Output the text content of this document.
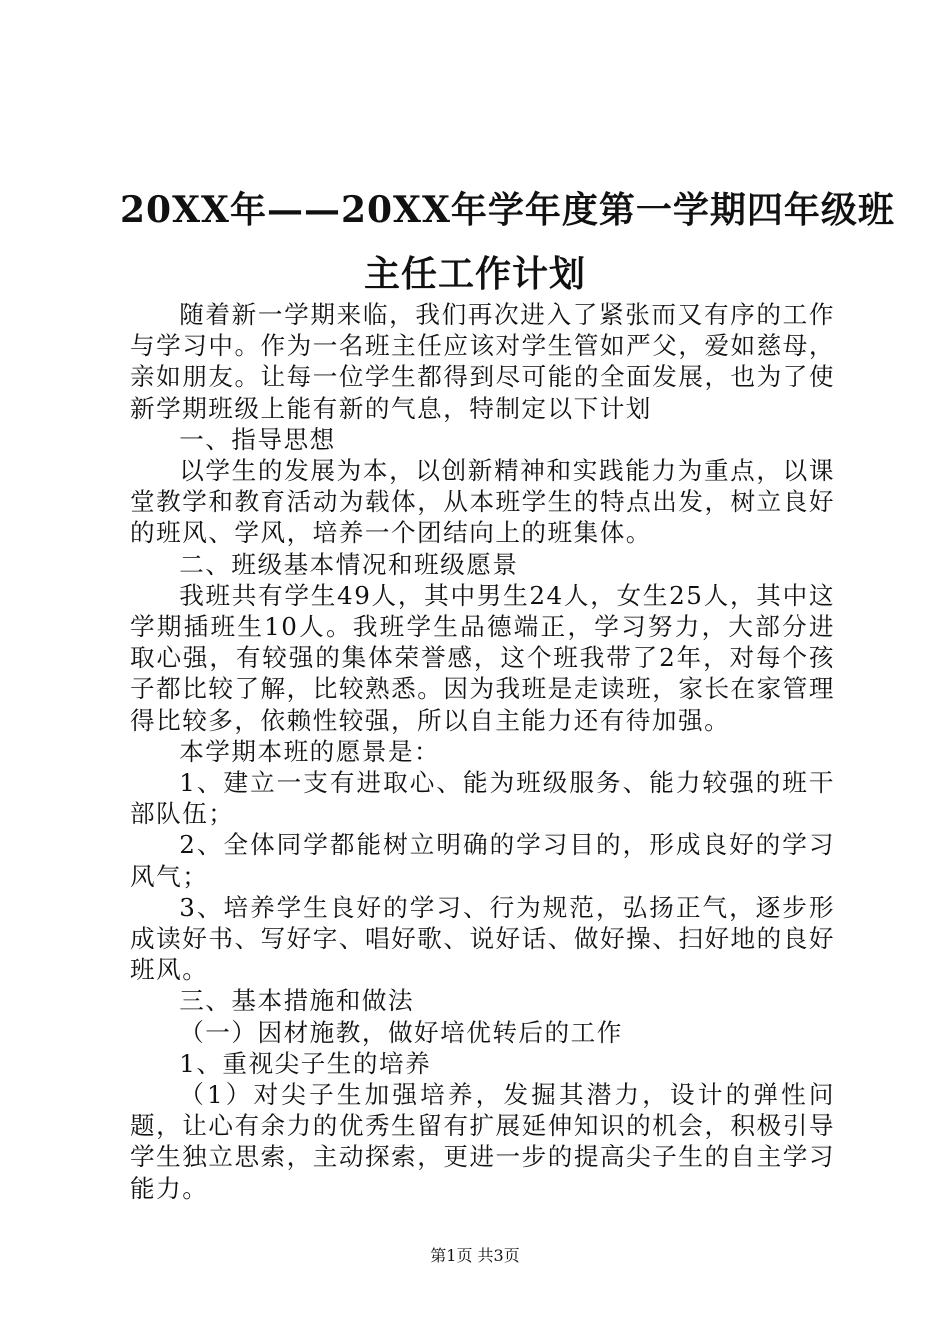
20XX年——20XX年学年度第一学期四年级班
主任工作计划

随着新一学期来临，我们再次进入了紧张而又有序的工作与学习中。作为一名班主任应该对学生管如严父，爱如慈母，亲如朋友。让每一位学生都得到尽可能的全面发展，也为了使新学期班级上能有新的气息，特制定以下计划

一、指导思想

以学生的发展为本，以创新精神和实践能力为重点，以课堂教学和教育活动为载体，从本班学生的特点出发，树立良好的班风、学风，培养一个团结向上的班集体。

二、班级基本情况和班级愿景

我班共有学生49人，其中男生24人，女生25人，其中这学期插班生10人。我班学生品德端正，学习努力，大部分进取心强，有较强的集体荣誉感，这个班我带了2年，对每个孩子都比较了解，比较熟悉。因为我班是走读班，家长在家管理得比较多，依赖性较强，所以自主能力还有待加强。

本学期本班的愿景是：

1、建立一支有进取心、能为班级服务、能力较强的班干部队伍；

2、全体同学都能树立明确的学习目的，形成良好的学习风气；

3、培养学生良好的学习、行为规范，弘扬正气，逐步形成读好书、写好字、唱好歌、说好话、做好操、扫好地的良好班风。

三、基本措施和做法

（一）因材施教，做好培优转后的工作

1、重视尖子生的培养

（1）对尖子生加强培养，发掘其潜力，设计的弹性问题，让心有余力的优秀生留有扩展延伸知识的机会，积极引导学生独立思索，主动探索，更进一步的提高尖子生的自主学习能力。

第1页 共3页
